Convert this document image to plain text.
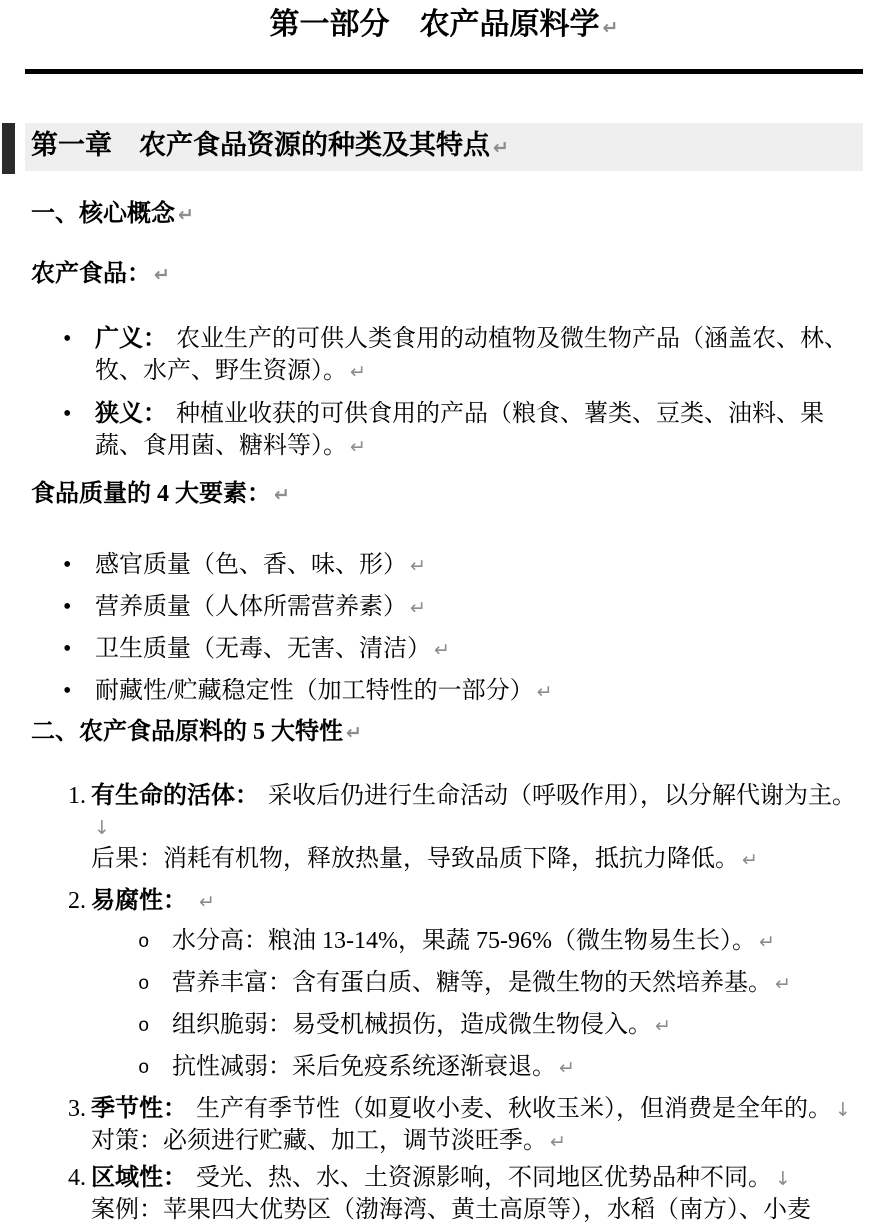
第一部分　农产品原料学 ↵
第一章　农产食品资源的种类及其特点 ↵
一、核心概念 ↵
农产食品： ↵
• 广义： 农业生产的可供人类食用的动植物及微生物产品（涵盖农、林、牧、水产、野生资源）。 ↵
• 狭义： 种植业收获的可供食用的产品（粮食、薯类、豆类、油料、果蔬、食用菌、糖料等）。 ↵
食品质量的 4 大要素： ↵
• 感官质量（色、香、味、形） ↵
• 营养质量（人体所需营养素） ↵
• 卫生质量（无毒、无害、清洁） ↵
• 耐藏性/贮藏稳定性（加工特性的一部分） ↵
二、农产食品原料的 5 大特性 ↵
1. 有生命的活体： 采收后仍进行生命活动（呼吸作用），以分解代谢为主。↓
后果：消耗有机物，释放热量，导致品质下降，抵抗力降低。 ↵
2. 易腐性： ↵
o 水分高：粮油 13-14%，果蔬 75-96%（微生物易生长）。 ↵
o 营养丰富：含有蛋白质、糖等，是微生物的天然培养基。 ↵
o 组织脆弱：易受机械损伤，造成微生物侵入。 ↵
o 抗性减弱：采后免疫系统逐渐衰退。 ↵
3. 季节性： 生产有季节性（如夏收小麦、秋收玉米），但消费是全年的。 ↓
对策：必须进行贮藏、加工，调节淡旺季。 ↵
4. 区域性： 受光、热、水、土资源影响，不同地区优势品种不同。 ↓
案例：苹果四大优势区（渤海湾、黄土高原等），水稻（南方）、小麦
